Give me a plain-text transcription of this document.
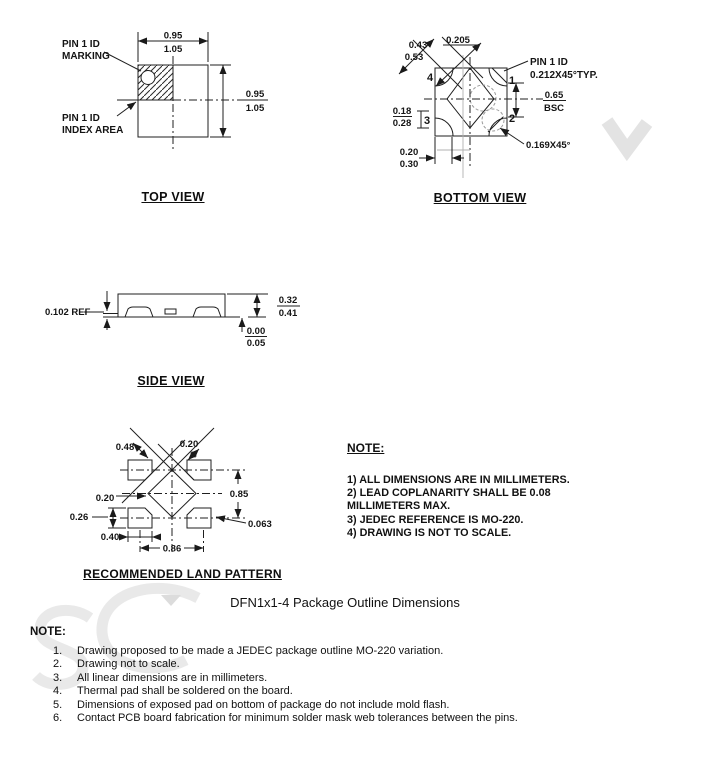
PIN 1 ID
MARKING
PIN 1 ID
INDEX AREA
0.95
1.05
0.95
1.05
0.205
0.43
0.53	PIN 1 ID
0.212X45°TYP.
0.65
BSC
0.18
0.28
0.20
0.30
0.169X45°
4	1
2
3
0.102 REF
0.32
0.41
0.00
0.05
0.48	0.20
0.20
0.26
0.40
0.86
0.85
0.063
TOP VIEW	BOTTOM VIEW
SIDE VIEW
RECOMMENDED LAND PATTERN
NOTE:
1) ALL DIMENSIONS ARE IN MILLIMETERS.
2) LEAD COPLANARITY SHALL BE 0.08
MILLIMETERS MAX.
3) JEDEC REFERENCE IS MO-220.
4) DRAWING IS NOT TO SCALE.
DFN1x1-4 Package Outline Dimensions
NOTE:
1.	Drawing proposed to be made a JEDEC package outline MO-220 variation.
2.	Drawing not to scale.
3.	All linear dimensions are in millimeters.
4.	Thermal pad shall be soldered on the board.
5.	Dimensions of exposed pad on bottom of package do not include mold flash.
6.	Contact PCB board fabrication for minimum solder mask web tolerances between the pins.
